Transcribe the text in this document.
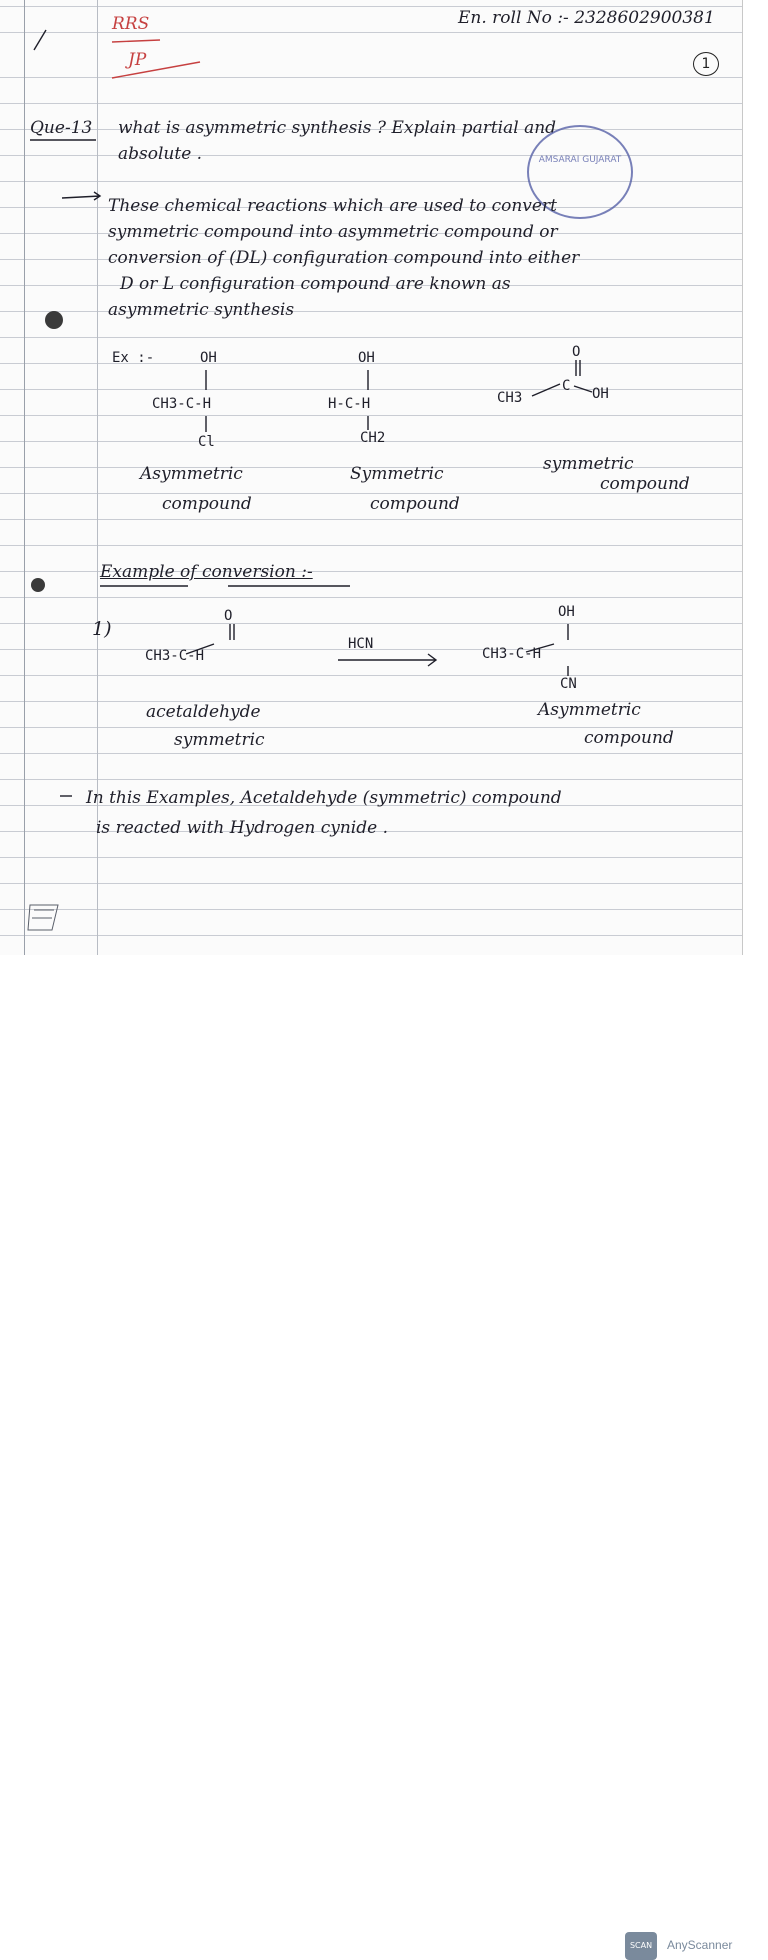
RRS
JP
En. roll No :- 2328602900381
1
Que-13 what is asymmetric synthesis ? Explain partial and
absolute .	AMSARAI GUJARAT
These chemical reactions which are used to convert
symmetric compound into asymmetric compound or
conversion of (DL) configuration compound into either
D or L configuration compound are known as
asymmetric synthesis
Ex :-	OH
CH3-C-H
Cl
Asymmetric
compound
OH
H-C-H
CH2
Symmetric
compound
O
CH3
C OH
symmetric
compound
Example of conversion :-
1)
O
CH3-C-H
HCN
OH
CH3-C-H
CN
acetaldehyde
symmetric
Asymmetric
compound
In this Examples, Acetaldehyde (symmetric) compound
is reacted with Hydrogen cynide .
SCAN	AnyScanner
